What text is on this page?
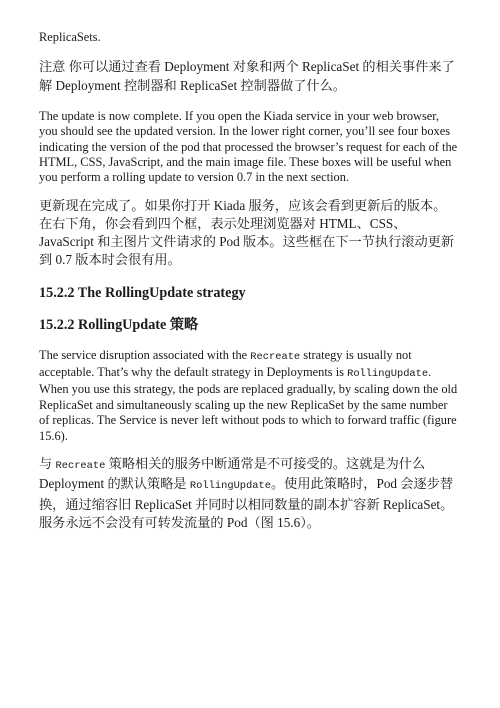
ReplicaSets.

注意 你可以通过查看 Deployment 对象和两个 ReplicaSet 的相关事件来了解 Deployment 控制器和 ReplicaSet 控制器做了什么。

The update is now complete. If you open the Kiada service in your web browser, you should see the updated version. In the lower right corner, you’ll see four boxes indicating the version of the pod that processed the browser’s request for each of the HTML, CSS, JavaScript, and the main image file. These boxes will be useful when you perform a rolling update to version 0.7 in the next section.

更新现在完成了。如果你打开 Kiada 服务，应该会看到更新后的版本。在右下角，你会看到四个框，表示处理浏览器对 HTML、CSS、JavaScript 和主图片文件请求的 Pod 版本。这些框在下一节执行滚动更新到 0.7 版本时会很有用。

15.2.2 The RollingUpdate strategy
15.2.2 RollingUpdate 策略

The service disruption associated with the Recreate strategy is usually not acceptable. That’s why the default strategy in Deployments is RollingUpdate. When you use this strategy, the pods are replaced gradually, by scaling down the old ReplicaSet and simultaneously scaling up the new ReplicaSet by the same number of replicas. The Service is never left without pods to which to forward traffic (figure 15.6).

与 Recreate 策略相关的服务中断通常是不可接受的。这就是为什么 Deployment 的默认策略是 RollingUpdate。使用此策略时，Pod 会逐步替换，通过缩容旧 ReplicaSet 并同时以相同数量的副本扩容新 ReplicaSet。服务永远不会没有可转发流量的 Pod（图 15.6）。
